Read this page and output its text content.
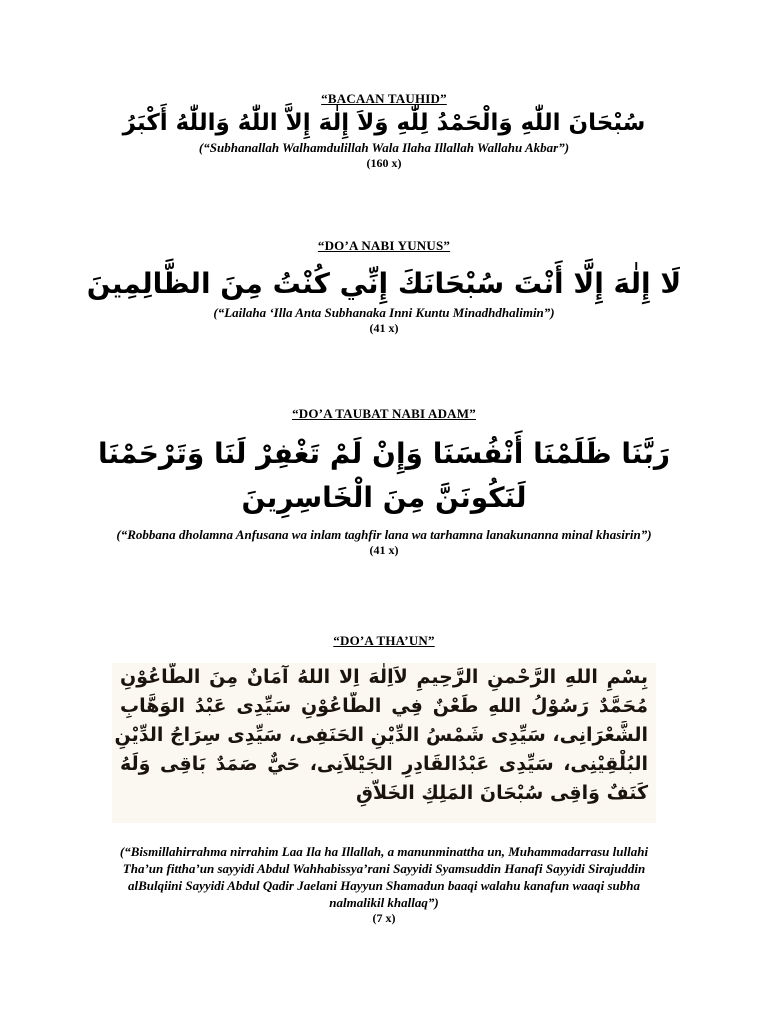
“BACAAN TAUHID”
سُبْحَانَ اللّٰهِ وَالْحَمْدُ لِلّٰهِ وَلاَ إِلٰهَ إِلاَّ اللّٰهُ وَاللّٰهُ أَكْبَرُ
(“Subhanallah Walhamdulillah Wala Ilaha Illallah Wallahu Akbar”)
(160 x)
“DO’A NABI YUNUS”
لَا إِلٰهَ إِلَّا أَنْتَ سُبْحَانَكَ إِنِّي كُنْتُ مِنَ الظَّالِمِينَ
(“Lailaha ‘Illa Anta Subhanaka Inni Kuntu Minadhdhalimin”)
(41 x)
“DO’A TAUBAT NABI ADAM”
رَبَّنَا ظَلَمْنَا أَنْفُسَنَا وَإِنْ لَمْ تَغْفِرْ لَنَا وَتَرْحَمْنَا لَنَكُونَنَّ مِنَ الْخَاسِرِينَ
(“Robbana dholamna Anfusana wa inlam taghfir lana wa tarhamna lanakunanna minal khasirin”)
(41 x)
“DO’A THA’UN”
بِسْمِ اللهِ الرَّحْمنِ الرَّحِيمِ لاَاِلٰهَ اِلا اللهُ آمَانٌ مِنَ الطَّاعُوْنِ
مُحَمَّدٌ رَسُوْلُ اللهِ طَعْنٌ فِي الطَّاعُوْنِ سَيِّدِى عَبْدُ الوَهَّابِ
الشَّعْرَانِى، سَيِّدِى شَمْسُ الدِّيْنِ الحَنَفِى، سَيِّدِى سِرَاجُ الدِّيْنِ
البُلْقِيْنِى، سَيِّدِى عَبْدُالقَادِرِ الجَيْلاَنِى، حَيٌّ صَمَدٌ بَاقِى وَلَهُ
كَنَفٌ وَاقِى سُبْحَانَ المَلِكِ الخَلاَّقِ
(“Bismillahirrahma nirrahim Laa Ila ha Illallah, a manunminattha un, Muhammadarrasu lullahi Tha’un fittha’un sayyidi Abdul Wahhabissya’rani Sayyidi Syamsuddin Hanafi Sayyidi Sirajuddin alBulqiini Sayyidi Abdul Qadir Jaelani Hayyun Shamadun baaqi walahu kanafun waaqi subha nalmalikil khallaq”)
(7 x)
